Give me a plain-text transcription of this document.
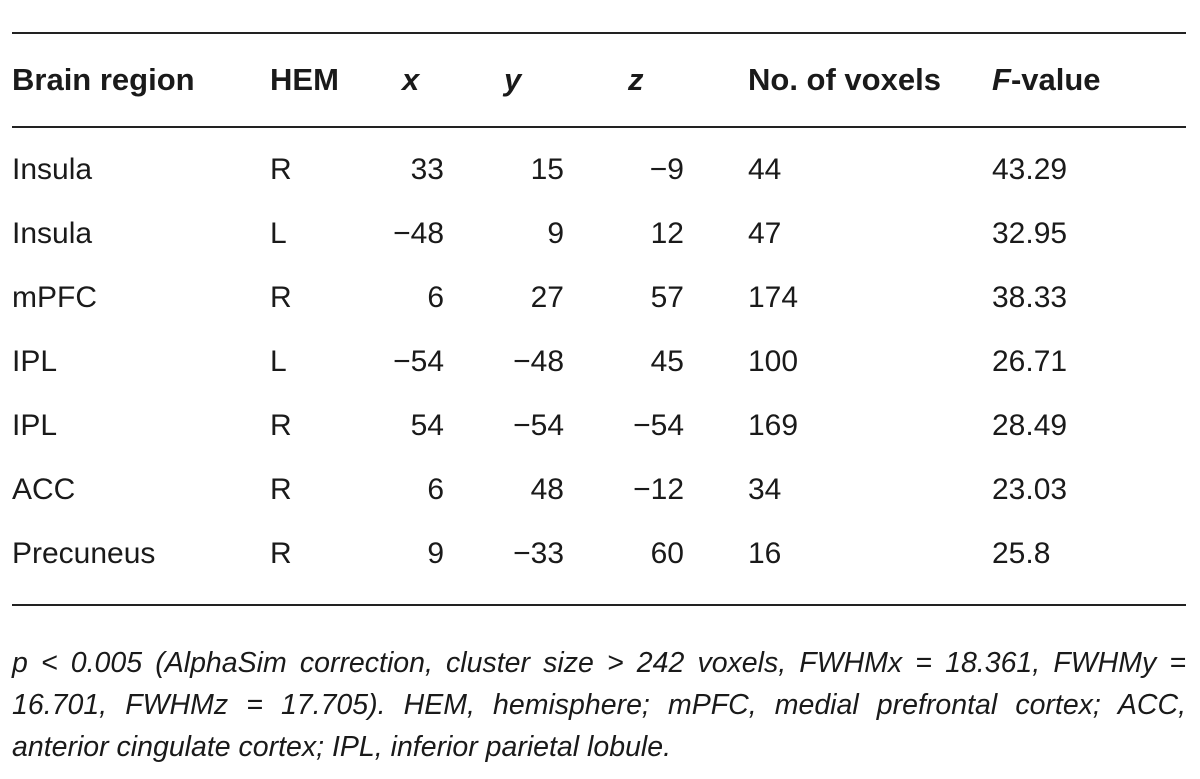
Brain region	HEM	x	y	z	No. of voxels	F-value

Insula	R	33	15	−9	44	43.29
Insula	L	−48	9	12	47	32.95
mPFC	R	6	27	57	174	38.33
IPL	L	−54	−48	45	100	26.71
IPL	R	54	−54	−54	169	28.49
ACC	R	6	48	−12	34	23.03
Precuneus	R	9	−33	60	16	25.8
p < 0.005 (AlphaSim correction, cluster size > 242 voxels, FWHMx = 18.361, FWHMy = 16.701, FWHMz = 17.705). HEM, hemisphere; mPFC, medial prefrontal cortex; ACC, anterior cingulate cortex; IPL, inferior parietal lobule.
